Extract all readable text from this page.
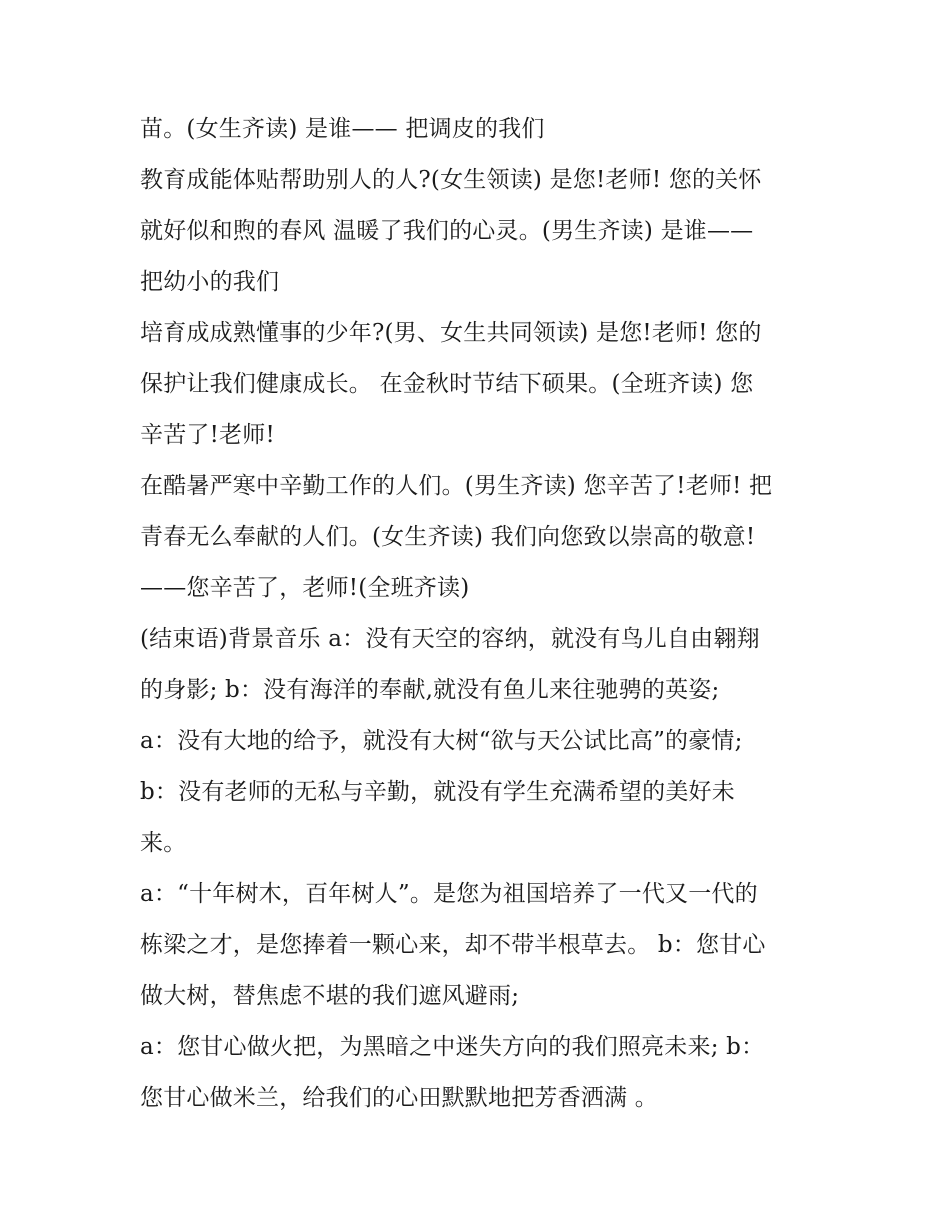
苗。(女生齐读) 是谁—— 把调皮的我们
教育成能体贴帮助别人的人?(女生领读) 是您!老师! 您的关怀
就好似和煦的春风 温暖了我们的心灵。(男生齐读) 是谁——
把幼小的我们
培育成成熟懂事的少年?(男、女生共同领读) 是您!老师! 您的
保护让我们健康成长。 在金秋时节结下硕果。(全班齐读) 您
辛苦了!老师!
在酷暑严寒中辛勤工作的人们。(男生齐读) 您辛苦了!老师! 把
青春无么奉献的人们。(女生齐读) 我们向您致以崇高的敬意!
——您辛苦了，老师!(全班齐读)
(结束语)背景音乐 a：没有天空的容纳，就没有鸟儿自由翱翔
的身影; b：没有海洋的奉献,就没有鱼儿来往驰骋的英姿;
a：没有大地的给予，就没有大树“欲与天公试比高”的豪情;
b：没有老师的无私与辛勤，就没有学生充满希望的美好未
来。
a：“十年树木，百年树人”。是您为祖国培养了一代又一代的
栋梁之才，是您捧着一颗心来，却不带半根草去。 b：您甘心
做大树，替焦虑不堪的我们遮风避雨;
a：您甘心做火把，为黑暗之中迷失方向的我们照亮未来; b：
您甘心做米兰，给我们的心田默默地把芳香洒满 。
